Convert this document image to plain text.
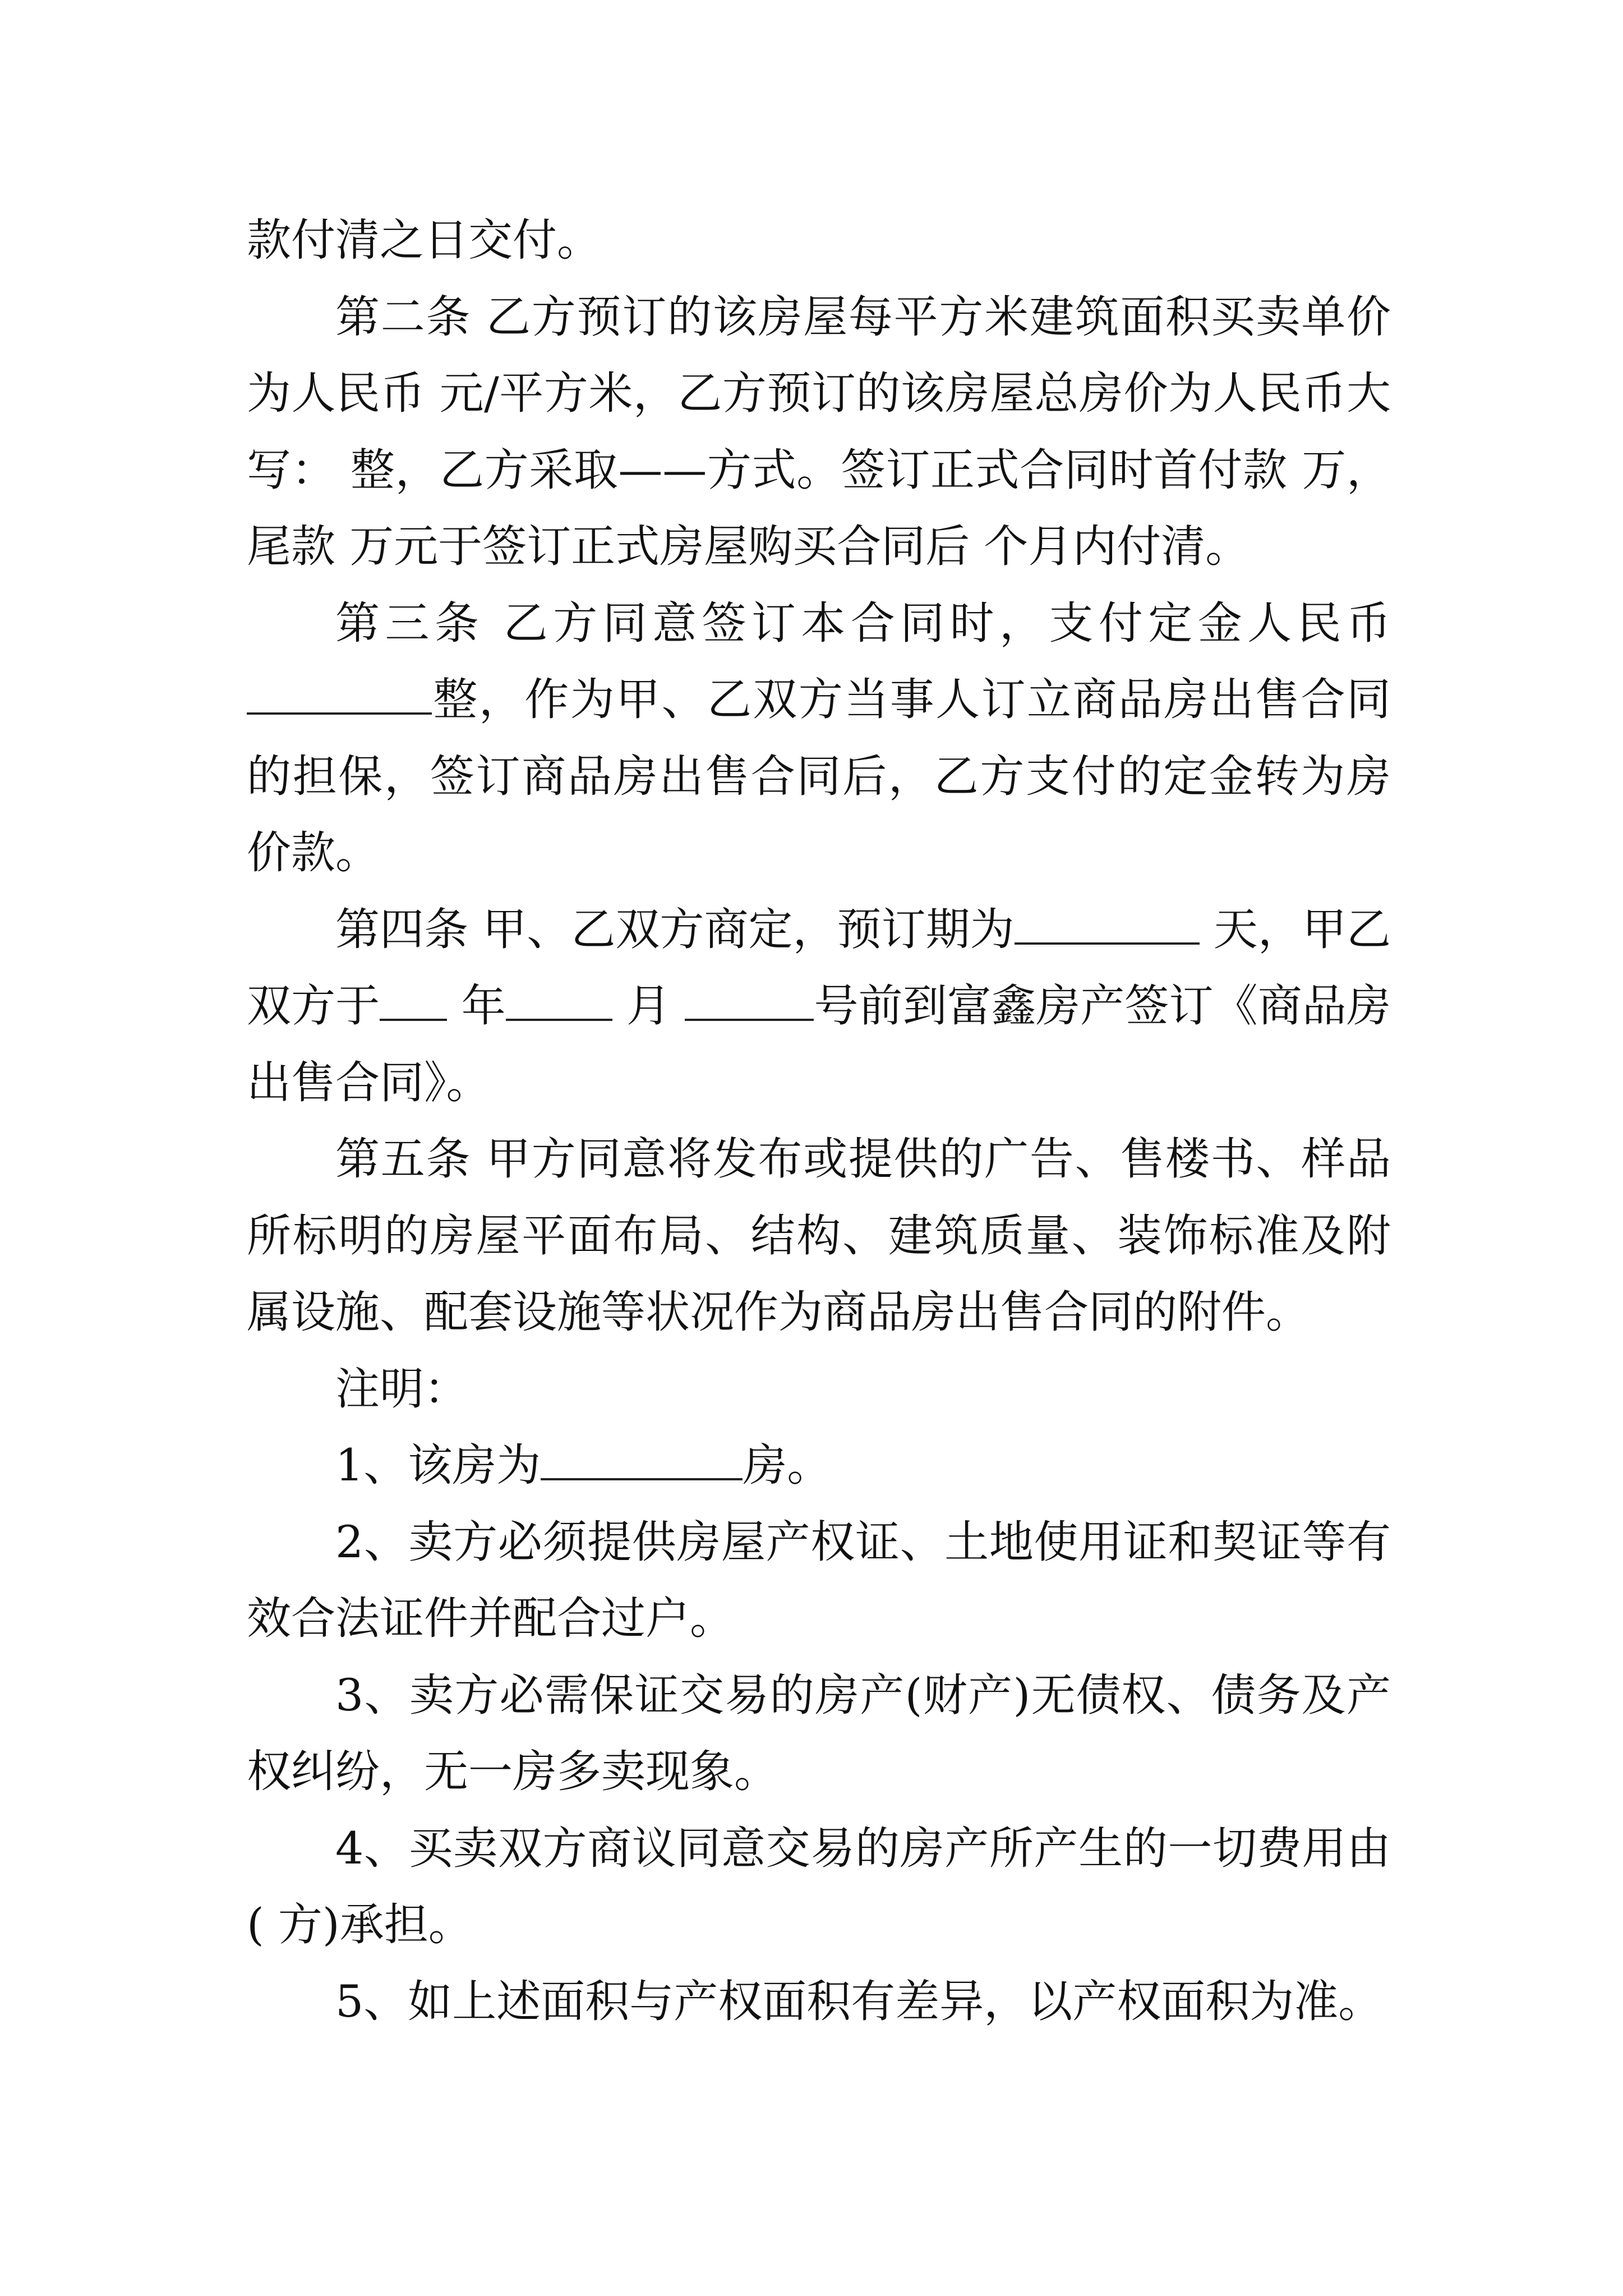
款付清之日交付。

第二条 乙方预订的该房屋每平方米建筑面积买卖单价为人民币 元/平方米，乙方预订的该房屋总房价为人民币大写： 整，乙方采取——方式。签订正式合同时首付款 万，尾款 万元于签订正式房屋购买合同后 个月内付清。

第三条 乙方同意签订本合同时，支付定金人民币整，作为甲、乙双方当事人订立商品房出售合同的担保，签订商品房出售合同后，乙方支付的定金转为房价款。

第四条 甲、乙双方商定，预订期为	天，甲乙双方于 年 月	号前到富鑫房产签订《商品房出售合同》。

第五条 甲方同意将发布或提供的广告、售楼书、样品所标明的房屋平面布局、结构、建筑质量、装饰标准及附属设施、配套设施等状况作为商品房出售合同的附件。

注明：

1、该房为	房。

2、卖方必须提供房屋产权证、土地使用证和契证等有效合法证件并配合过户。

3、卖方必需保证交易的房产(财产)无债权、债务及产权纠纷，无一房多卖现象。

4、买卖双方商议同意交易的房产所产生的一切费用由( 方)承担。

5、如上述面积与产权面积有差异，以产权面积为准。
